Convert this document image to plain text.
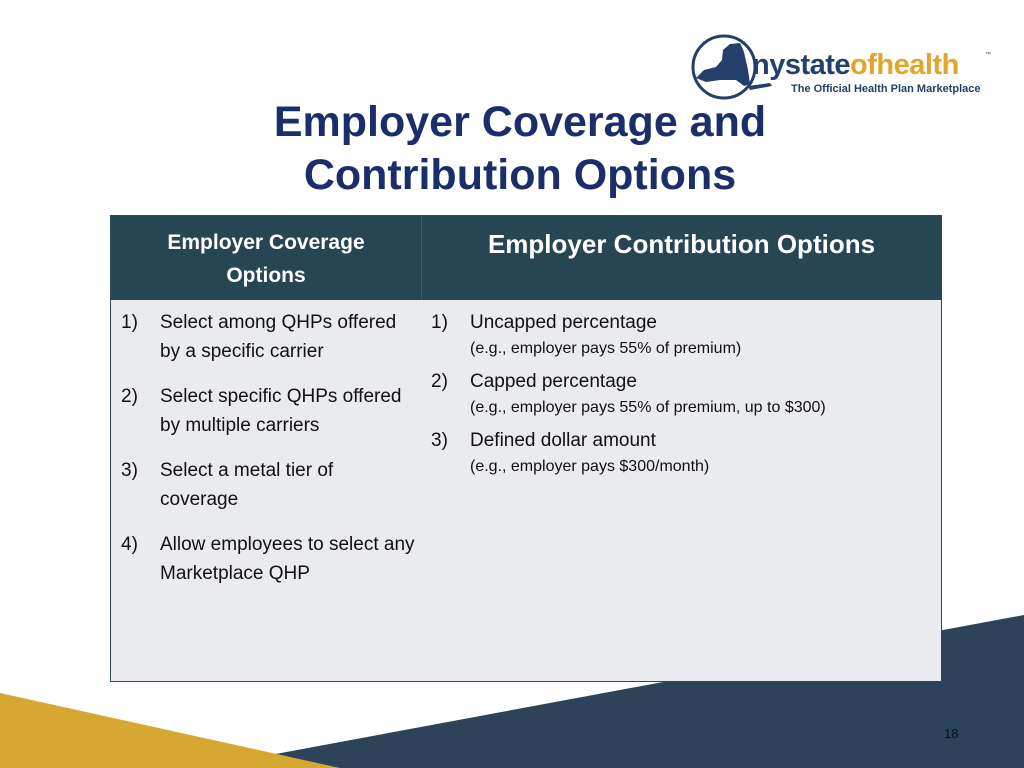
nystateofhealth	™
The Official Health Plan Marketplace
Employer Coverage and
Contribution Options
Employer Coverage
Options
Employer Contribution Options
1)	Select among QHPs offered by a specific carrier
2)	Select specific QHPs offered by multiple carriers
3)	Select a metal tier of coverage
4)	Allow employees to select any Marketplace QHP
1)	Uncapped percentage
(e.g., employer pays 55% of premium)
2)	Capped percentage
(e.g., employer pays 55% of premium, up to $300)
3)	Defined dollar amount
(e.g., employer pays $300/month)
18
